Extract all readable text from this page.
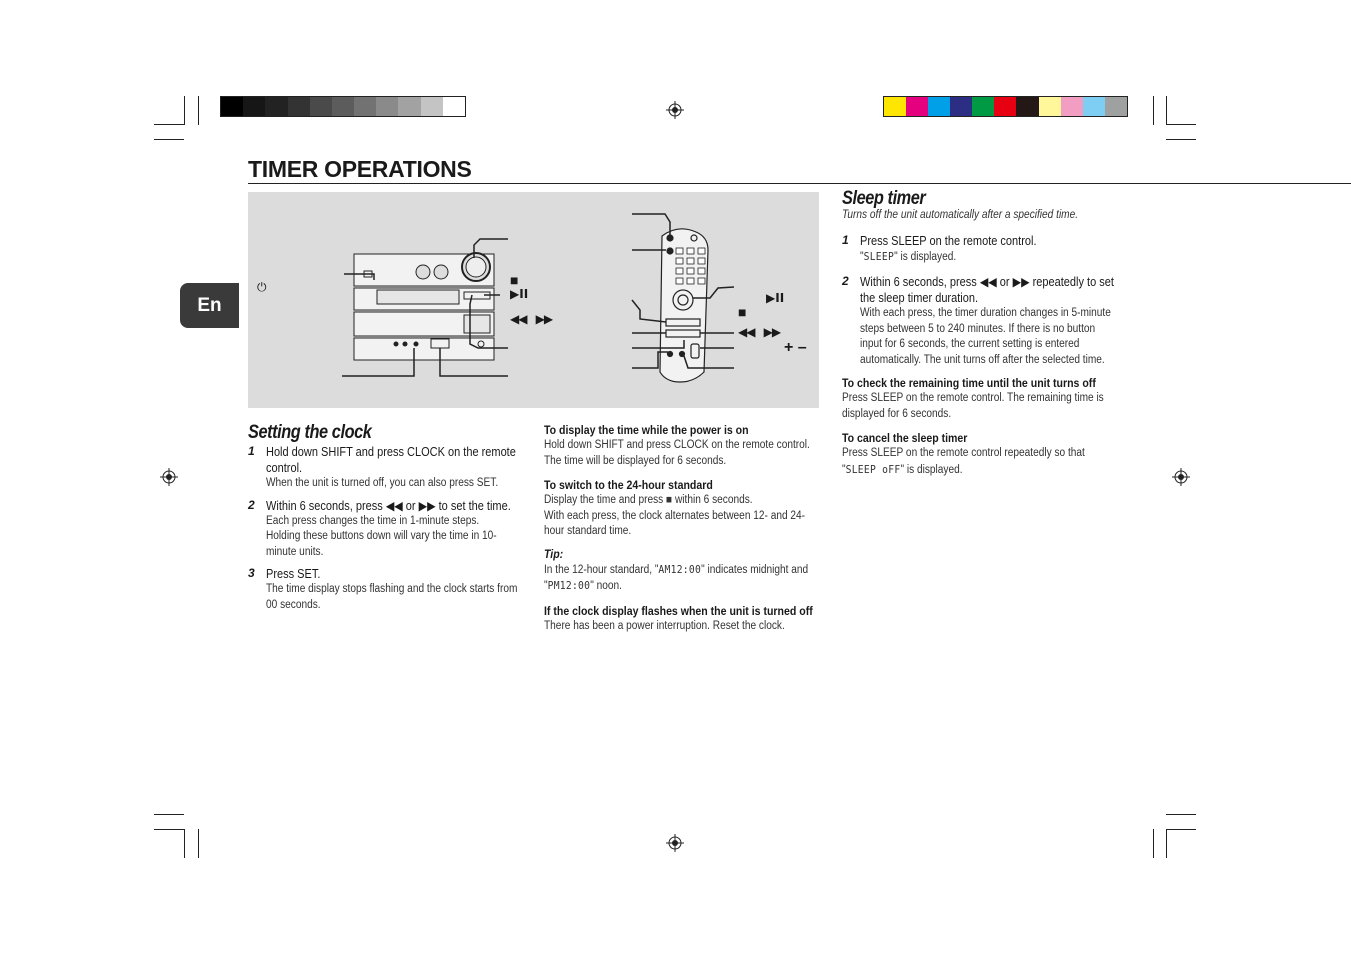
TIMER OPERATIONS
En
⏻	■
▶II
◀◀ ▶▶
▶II
■
◀◀ ▶▶
+ –
Setting the clock
1 Hold down SHIFT and press CLOCK on the remote control.
When the unit is turned off, you can also press SET.
2 Within 6 seconds, press ◀◀ or ▶▶ to set the time.
Each press changes the time in 1-minute steps.
Holding these buttons down will vary the time in 10-minute units.
3 Press SET.
The time display stops flashing and the clock starts from 00 seconds.
To display the time while the power is on
Hold down SHIFT and press CLOCK on the remote control. The time will be displayed for 6 seconds.
To switch to the 24-hour standard
Display the time and press ■ within 6 seconds.
With each press, the clock alternates between 12- and 24-hour standard time.
Tip:
In the 12-hour standard, "AM12:00" indicates midnight and "PM12:00" noon.
If the clock display flashes when the unit is turned off
There has been a power interruption. Reset the clock.
Sleep timer
Turns off the unit automatically after a specified time.
1 Press SLEEP on the remote control.
"SLEEP" is displayed.
2 Within 6 seconds, press ◀◀ or ▶▶ repeatedly to set the sleep timer duration.
With each press, the timer duration changes in 5-minute steps between 5 to 240 minutes. If there is no button input for 6 seconds, the current setting is entered automatically. The unit turns off after the selected time.
To check the remaining time until the unit turns off
Press SLEEP on the remote control. The remaining time is displayed for 6 seconds.
To cancel the sleep timer
Press SLEEP on the remote control repeatedly so that "SLEEP oFF" is displayed.
